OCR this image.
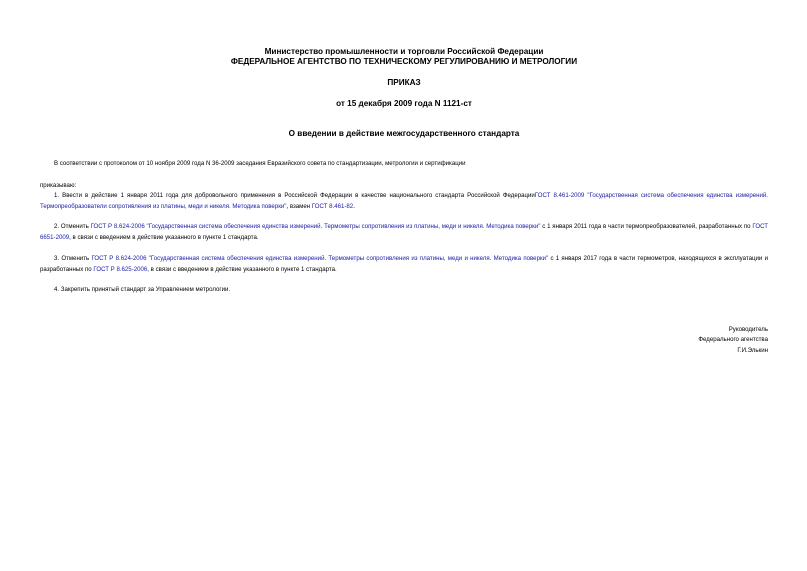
Министерство промышленности и торговли Российской Федерации
ФЕДЕРАЛЬНОЕ АГЕНТСТВО ПО ТЕХНИЧЕСКОМУ РЕГУЛИРОВАНИЮ И МЕТРОЛОГИИ
ПРИКАЗ
от 15 декабря 2009 года N 1121-ст
О введении в действие межгосударственного стандарта
В соответствии с протоколом от 10 ноября 2009 года N 36-2009 заседания Евразийского совета по стандартизации, метрологии и сертификации
приказываю:
1. Ввести в действие 1 января 2011 года для добровольного применения в Российской Федерации в качестве национального стандарта Российской ФедерацииГОСТ 8.461-2009 "Государственная система обеспечения единства измерений. Термопреобразователи сопротивления из платины, меди и никеля. Методика поверки", взамен ГОСТ 8.461-82.
2. Отменить ГОСТ Р 8.624-2006 "Государственная система обеспечения единства измерений. Термометры сопротивления из платины, меди и никеля. Методика поверки" с 1 января 2011 года в части термопреобразователей, разработанных по ГОСТ 6651-2009, в связи с введением в действие указанного в пункте 1 стандарта.
3. Отменить ГОСТ Р 8.624-2006 "Государственная система обеспечения единства измерений. Термометры сопротивления из платины, меди и никеля. Методика поверки" с 1 января 2017 года в части термометров, находящихся в эксплуатации и разработанных по ГОСТ Р 8.625-2006, в связи с введением в действие указанного в пункте 1 стандарта.
4. Закрепить принятый стандарт за Управлением метрологии.
Руководитель
Федерального агентства
Г.И.Элькин
